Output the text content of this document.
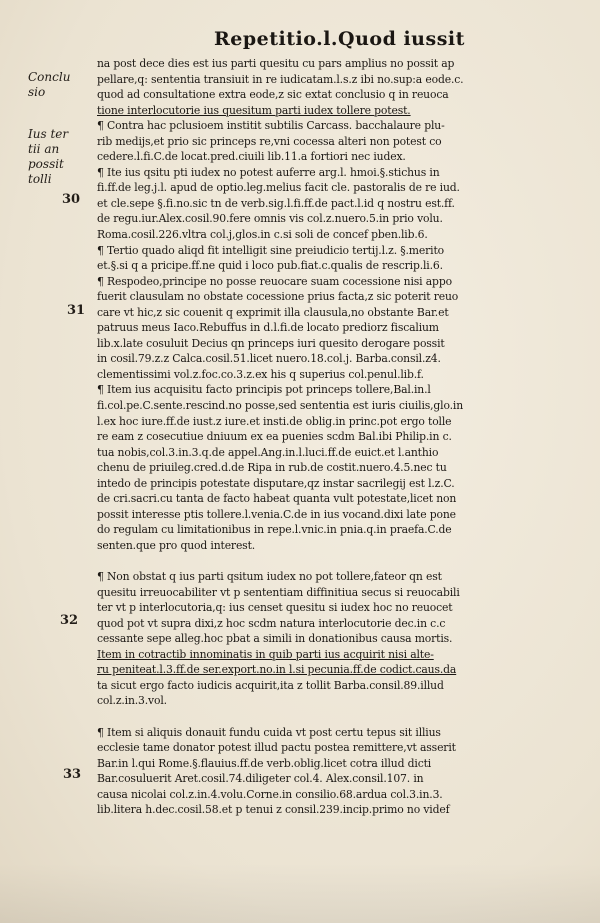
Repetitio.l.Quod iussit
Conclu
sio
Ius ter
tii an
possit
tolli
30
31
32
33
na post dece dies est ius parti quesitu cu pars amplius no possit ap
pellare,q: sententia transiuit in re iudicatam.l.s.z ibi no.sup:a eode.c.
quod ad consultatione extra eode,z sic extat conclusio q in reuoca
tione interlocutorie ius quesitum parti iudex tollere potest.
¶ Contra hac pclusioem institit subtilis Carcass. bacchalaure plu-
rib medijs,et prio sic princeps re,vni cocessa alteri non potest co
cedere.l.fi.C.de locat.pred.ciuili lib.11.a fortiori nec iudex.
¶ Ite ius qsitu pti iudex no potest auferre arg.l. hmoi.§.stichus in
fi.ff.de leg.j.l. apud de optio.leg.melius facit cle. pastoralis de re iud.
et cle.sepe §.fi.no.sic tn de verb.sig.l.fi.ff.de pact.l.id q nostru est.ff.
de regu.iur.Alex.cosil.90.fere omnis vis col.z.nuero.5.in prio volu.
Roma.cosil.226.vltra col.j,glos.in c.si soli de concef pben.lib.6.
¶ Tertio quado aliqd fit intelligit sine preiudicio tertij.l.z. §.merito
et.§.si q a pricipe.ff.ne quid i loco pub.fiat.c.qualis de rescrip.li.6.
¶ Respodeo,principe no posse reuocare suam cocessione nisi appo
fuerit clausulam no obstate cocessione prius facta,z sic poterit reuo
care vt hic,z sic couenit q exprimit illa clausula,no obstante Bar.et
patruus meus Iaco.Rebuffus in d.l.fi.de locato prediorz fiscalium
lib.x.late cosuluit Decius qn princeps iuri quesito derogare possit
in cosil.79.z.z Calca.cosil.51.licet nuero.18.col.j. Barba.consil.z4.
clementissimi vol.z.foc.co.3.z.ex his q superius col.penul.lib.f.
¶ Item ius acquisitu facto principis pot princeps tollere,Bal.in.l
fi.col.pe.C.sente.rescind.no posse,sed sententia est iuris ciuilis,glo.in
l.ex hoc iure.ff.de iust.z iure.et insti.de oblig.in princ.pot ergo tolle
re eam z cosecutiue dniuum ex ea puenies scdm Bal.ibi Philip.in c.
tua nobis,col.3.in.3.q.de appel.Ang.in.l.luci.ff.de euict.et l.anthio
chenu de priuileg.cred.d.de Ripa in rub.de costit.nuero.4.5.nec tu
intedo de principis potestate disputare,qz instar sacrilegij est l.z.C.
de cri.sacri.cu tanta de facto habeat quanta vult potestate,licet non
possit interesse ptis tollere.l.venia.C.de in ius vocand.dixi late pone
do regulam cu limitationibus in repe.l.vnic.in pnia.q.in praefa.C.de
senten.que pro quod interest.
¶ Non obstat q ius parti qsitum iudex no pot tollere,fateor qn est
quesitu irreuocabiliter vt p sententiam diffinitiua secus si reuocabili
ter vt p interlocutoria,q: ius censet quesitu si iudex hoc no reuocet
quod pot vt supra dixi,z hoc scdm natura interlocutorie dec.in c.c
cessante sepe alleg.hoc pbat a simili in donationibus causa mortis.
Item in cotractib innominatis in quib parti ius acquirit nisi alte-
ru peniteat.l.3.ff.de ser.export.no.in l.si pecunia.ff.de codict.caus.da
ta sicut ergo facto iudicis acquirit,ita z tollit Barba.consil.89.illud
col.z.in.3.vol.
¶ Item si aliquis donauit fundu cuida vt post certu tepus sit illius
ecclesie tame donator potest illud pactu postea remittere,vt asserit
Bar.in l.qui Rome.§.flauius.ff.de verb.oblig.licet cotra illud dicti
Bar.cosuluerit Aret.cosil.74.diligeter col.4. Alex.consil.107. in
causa nicolai col.z.in.4.volu.Corne.in consilio.68.ardua col.3.in.3.
lib.litera h.dec.cosil.58.et p tenui z consil.239.incip.primo no videf
